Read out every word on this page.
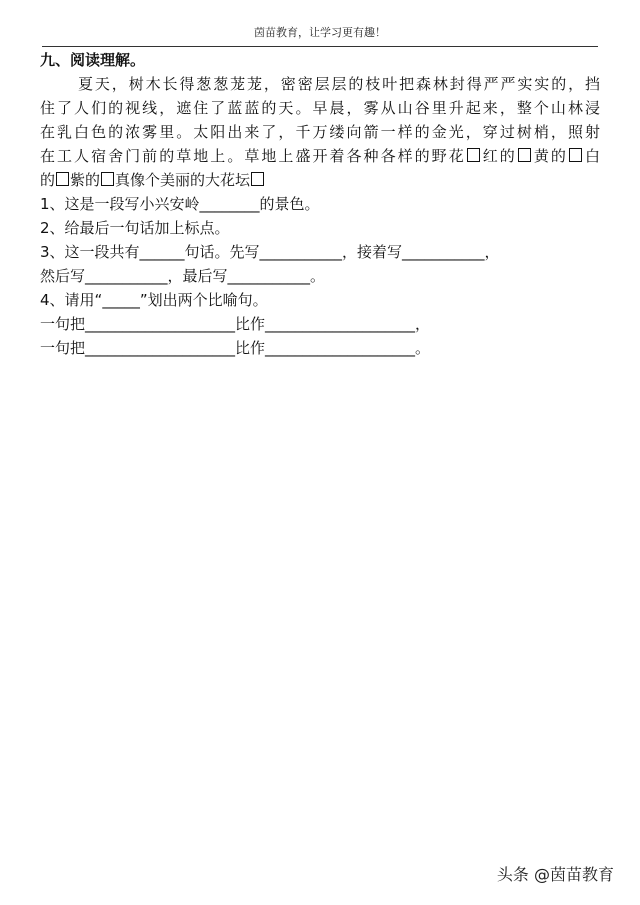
茵苗教育，让学习更有趣！
九、阅读理解。
夏天，树木长得葱葱茏茏，密密层层的枝叶把森林封得严严实实的，挡
住了人们的视线，遮住了蓝蓝的天。早晨，雾从山谷里升起来，整个山林浸
在乳白色的浓雾里。太阳出来了，千万缕向箭一样的金光，穿过树梢，照射
在工人宿舍门前的草地上。草地上盛开着各种各样的野花 红的 黄的 白
的 紫的 真像个美丽的大花坛
1、这是一段写小兴安岭________的景色。
2、给最后一句话加上标点。
3、这一段共有______句话。先写___________，接着写___________，
然后写___________，最后写___________。
4、请用“_____”划出两个比喻句。
一句把____________________比作____________________，
一句把____________________比作____________________。
头条 @茵苗教育
